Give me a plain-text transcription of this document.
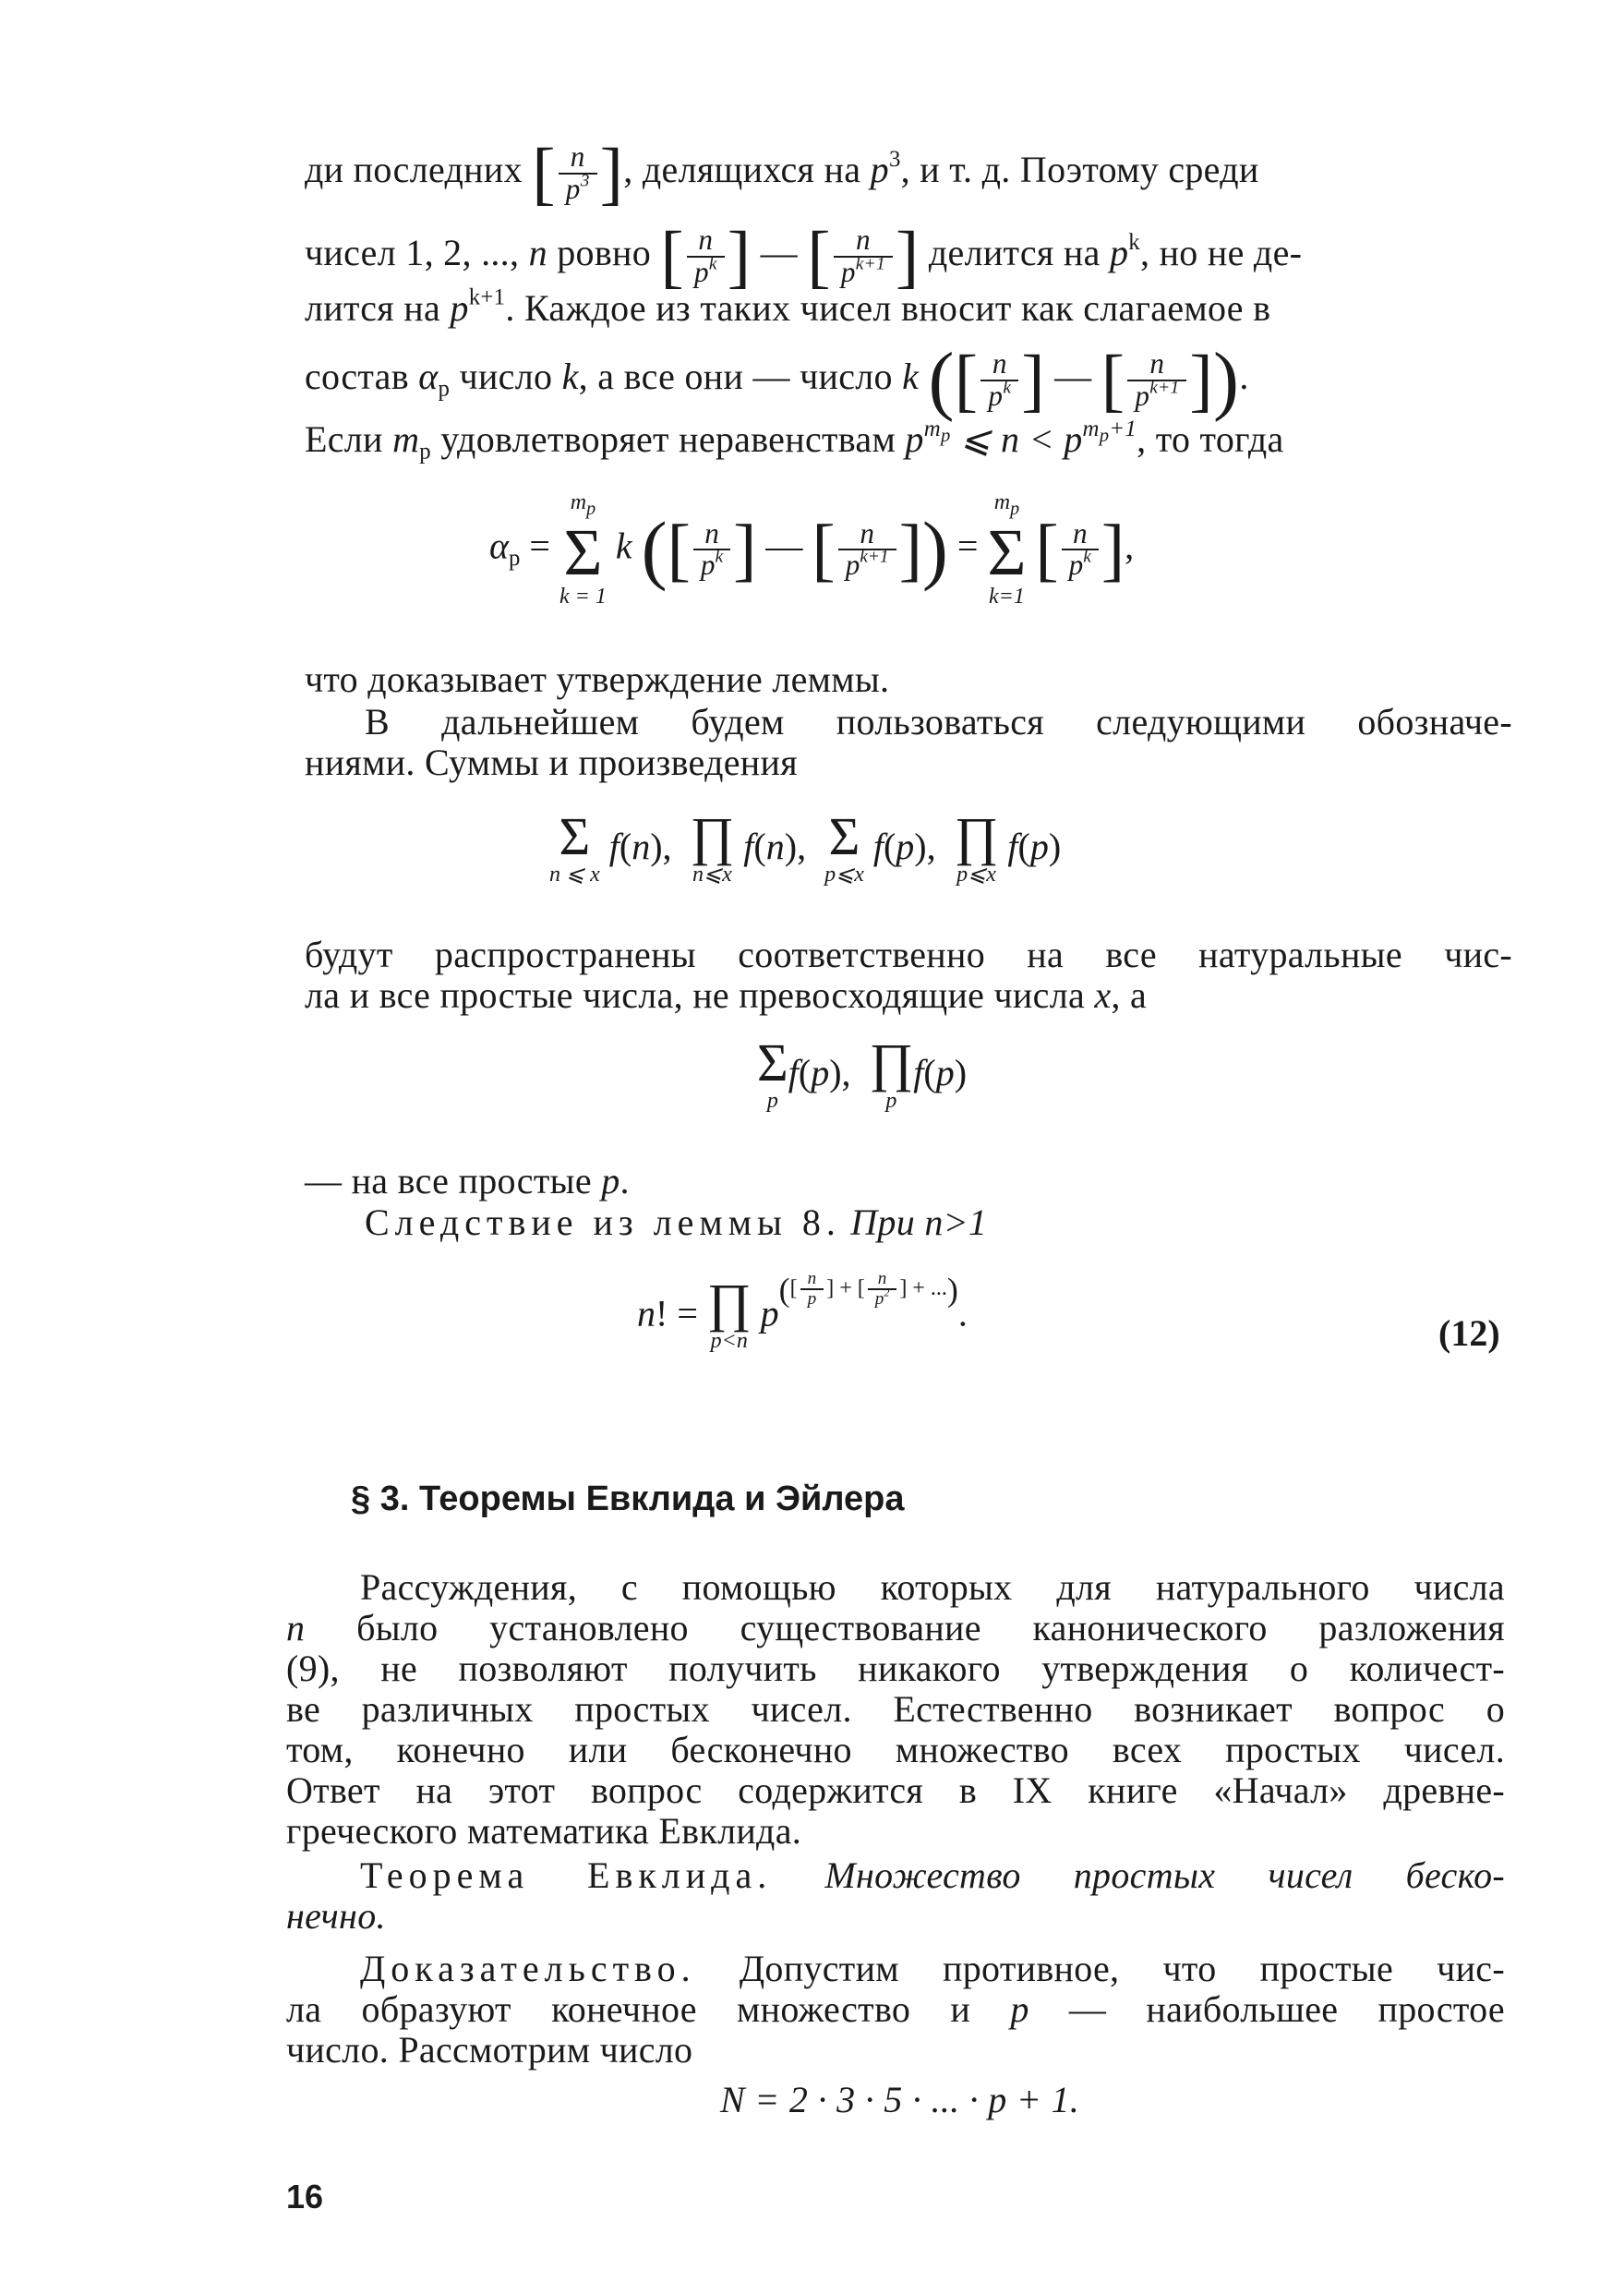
ди последних [ $\frac{n}{p^3}$ ], делящихся на $p^3$, и т. д. Поэтому среди
чисел 1, 2, ..., n ровно [ $\frac{n}{p^k}$ ] — [ $\frac{n}{p^{k+1}}$ ] делится на $p^k$, но не де-
лится на $p^{k+1}$. Каждое из таких чисел вносит как слагаемое в
состав $\alpha_p$ число k, а все они — число k ([ $\frac{n}{p^k}$ ] — [ $\frac{n}{p^{k+1}}$ ]).
Если $m_p$ удовлетворяет неравенствам $p^{m_p}$ ⩽ $n < p^{m_p+1}$, то тогда
$\alpha_p$ =
$m_p$
Σ
k = 1
k ([ $\frac{n}{p^k}$ ] — [ $\frac{n}{p^{k+1}}$ ]) =
$m_p$
Σ
k=1
[ $\frac{n}{p^k}$ ],
что доказывает утверждение леммы.
В дальнейшем будем пользоваться следующими обозначе-
ниями. Суммы и произведения
Σ
n ⩽ x
f(n), ∏
n⩽x
f(n), Σ
p⩽x
f(p), ∏
p⩽x
f(p)
будут распространены соответственно на все натуральные чис-
ла и все простые числа, не превосходящие числа x, а
Σ
p
f(p), ∏
p
f(p)
— на все простые p.
Следствие из леммы 8. При n>1
n! = ∏
p<n
$p^{([ \frac{n}{p} ] + [ \frac{n}{p^2} ] + ...)}$.	(12)
§ 3. Теоремы Евклида и Эйлера
Рассуждения, с помощью которых для натурального числа
n было установлено существование канонического разложения
(9), не позволяют получить никакого утверждения о количест-
ве различных простых чисел. Естественно возникает вопрос о
том, конечно или бесконечно множество всех простых чисел.
Ответ на этот вопрос содержится в IX книге «Начал» древне-
греческого математика Евклида.
Теорема Евклида. Множество простых чисел беско-
нечно.
Доказательство. Допустим противное, что простые чис-
ла образуют конечное множество и p — наибольшее простое
число. Рассмотрим число
N = 2 · 3 · 5 · ... · p + 1.
16
